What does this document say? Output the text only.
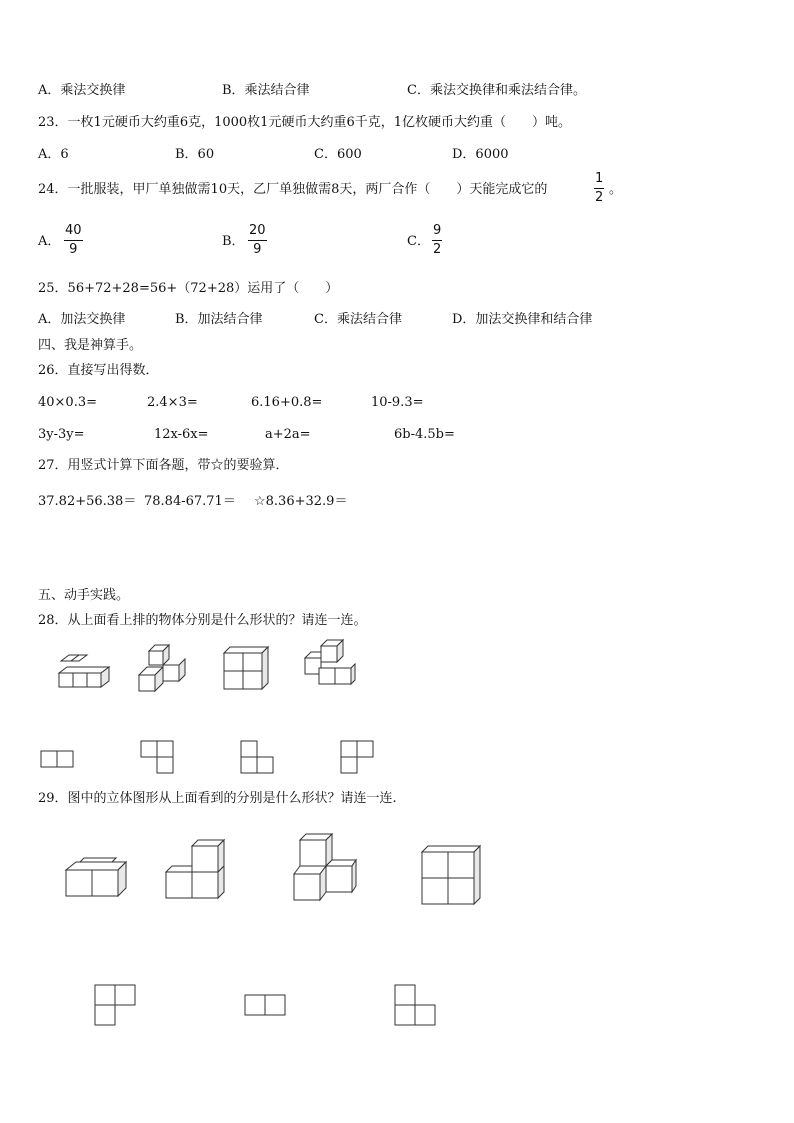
A．乘法交换律	B．乘法结合律	C．乘法交换律和乘法结合律。
23．一枚1元硬币大约重6克，1000枚1元硬币大约重6千克，1亿枚硬币大约重（　　）吨。
A．6	B．60	C．600	D．6000
24．一批服装，甲厂单独做需10天，乙厂单独做需8天，两厂合作（　　）天能完成它的
1
2
。
A．
40
9
B．
20
9
C．
9
2
25．56+72+28=56+（72+28）运用了（　　）
A．加法交换律	B．加法结合律	C．乘法结合律	D．加法交换律和结合律
四、我是神算手。
26．直接写出得数．
40×0.3=	2.4×3=	6.16+0.8=	10-9.3=
3y-3y=	12x-6x=	a+2a=	6b-4.5b=
27．用竖式计算下面各题，带☆的要验算．
37.82+56.38＝ 78.84-67.71＝ ☆8.36+32.9＝
五、动手实践。
28．从上面看上排的物体分别是什么形状的？请连一连。
29．图中的立体图形从上面看到的分别是什么形状？请连一连.
